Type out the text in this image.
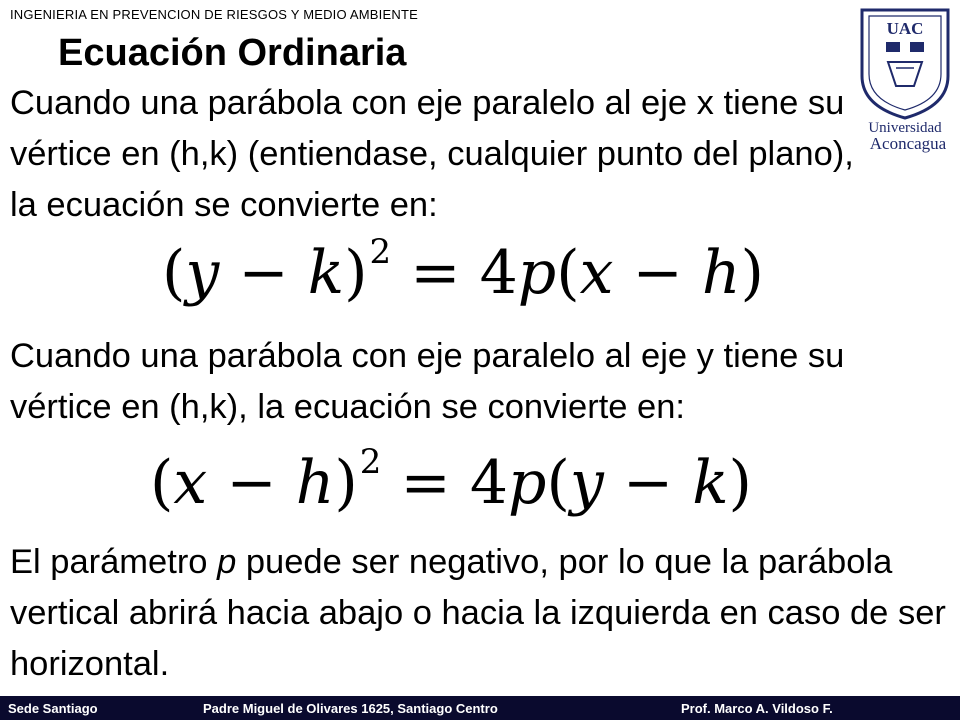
INGENIERIA EN PREVENCION DE RIESGOS Y MEDIO AMBIENTE
Ecuación Ordinaria
UAC
Universidad
Aconcagua

Cuando una parábola con eje paralelo al eje x tiene su vértice en (h,k) (entiendase, cualquier punto del plano), la ecuación se convierte en:

$(y - k)^2 = 4p(x - h)$

Cuando una parábola con eje paralelo al eje y tiene su vértice en (h,k), la ecuación se convierte en:

$(x - h)^2 = 4p(y - k)$

El parámetro p puede ser negativo, por lo que la parábola vertical abrirá hacia abajo o hacia la izquierda en caso de ser horizontal.

Sede Santiago	Padre Miguel de Olivares 1625, Santiago Centro	Prof. Marco A. Vildoso F.
